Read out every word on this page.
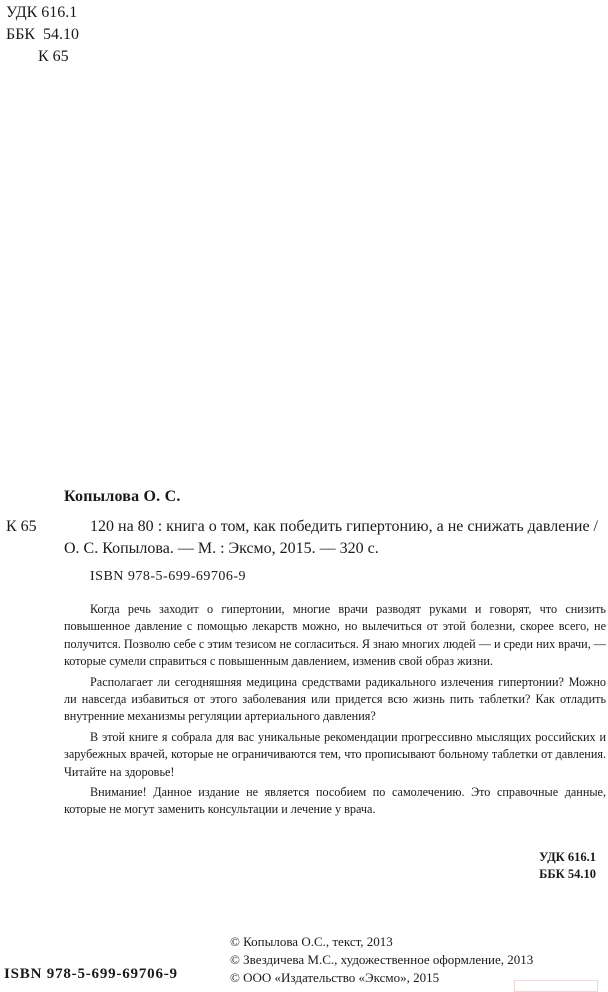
УДК 616.1
ББК  54.10
К 65
Копылова О. С.
К 65	120 на 80 : книга о том, как победить гипертонию, а не снижать давление / О. С. Копылова. — М. : Эксмо, 2015. — 320 с.
ISBN 978-5-699-69706-9

Когда речь заходит о гипертонии, многие врачи разводят руками и говорят, что снизить повышенное давление с помощью лекарств можно, но вылечиться от этой болезни, скорее всего, не получится. Позволю себе с этим тезисом не согласиться. Я знаю многих людей — и среди них врачи, — которые сумели справиться с повышенным давлением, изменив свой образ жизни.

Располагает ли сегодняшняя медицина средствами радикального излечения гипертонии? Можно ли навсегда избавиться от этого заболевания или придется всю жизнь пить таблетки? Как отладить внутренние механизмы регуляции артериального давления?

В этой книге я собрала для вас уникальные рекомендации прогрессивно мыслящих российских и зарубежных врачей, которые не ограничиваются тем, что прописывают больному таблетки от давления. Читайте на здоровье!

Внимание! Данное издание не является пособием по самолечению. Это справочные данные, которые не могут заменить консультации и лечение у врача.

УДК 616.1
ББК 54.10
© Копылова О.С., текст, 2013
© Звездичева М.С., художественное оформление, 2013
© ООО «Издательство «Эксмо», 2015
ISBN 978-5-699-69706-9
